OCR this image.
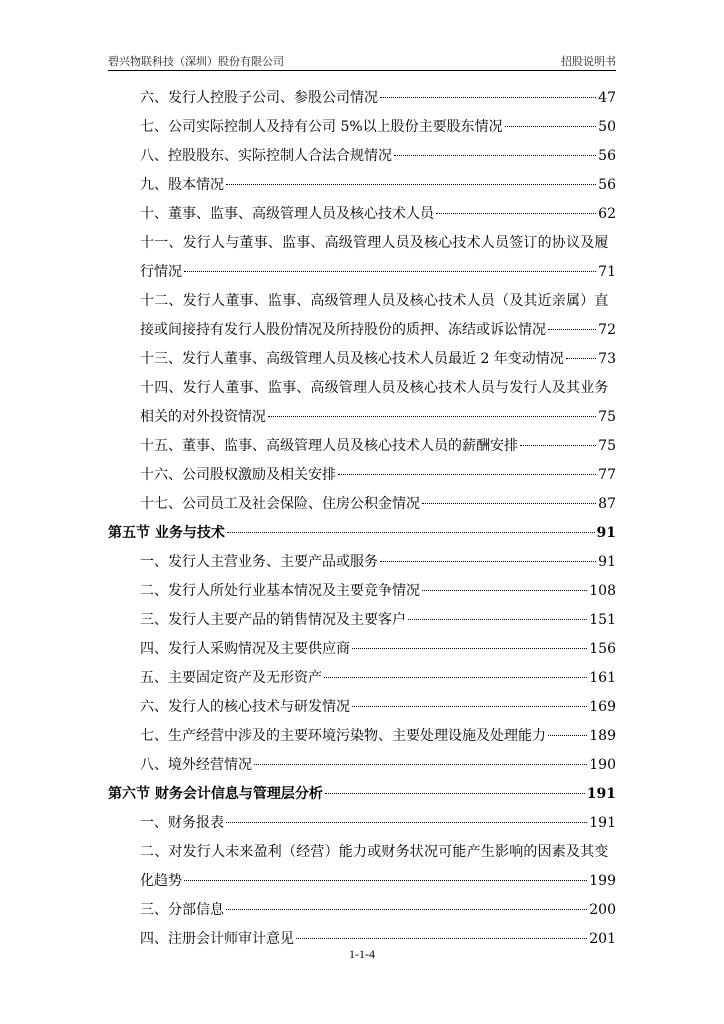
碧兴物联科技（深圳）股份有限公司	招股说明书
六、发行人控股子公司、参股公司情况	47
七、公司实际控制人及持有公司 5%以上股份主要股东情况	50
八、控股股东、实际控制人合法合规情况	56
九、股本情况	56
十、董事、监事、高级管理人员及核心技术人员	62
十一、发行人与董事、监事、高级管理人员及核心技术人员签订的协议及履
行情况	71
十二、发行人董事、监事、高级管理人员及核心技术人员（及其近亲属）直
接或间接持有发行人股份情况及所持股份的质押、冻结或诉讼情况	72
十三、发行人董事、高级管理人员及核心技术人员最近 2 年变动情况 73
十四、发行人董事、监事、高级管理人员及核心技术人员与发行人及其业务
相关的对外投资情况	75
十五、董事、监事、高级管理人员及核心技术人员的薪酬安排	75
十六、公司股权激励及相关安排	77
十七、公司员工及社会保险、住房公积金情况	87
第五节 业务与技术	91
一、发行人主营业务、主要产品或服务	91
二、发行人所处行业基本情况及主要竞争情况	108
三、发行人主要产品的销售情况及主要客户	151
四、发行人采购情况及主要供应商	156
五、主要固定资产及无形资产	161
六、发行人的核心技术与研发情况	169
七、生产经营中涉及的主要环境污染物、主要处理设施及处理能力	189
八、境外经营情况	190
第六节 财务会计信息与管理层分析	191
一、财务报表	191
二、对发行人未来盈利（经营）能力或财务状况可能产生影响的因素及其变
化趋势	199
三、分部信息	200
四、注册会计师审计意见	201
1-1-4
